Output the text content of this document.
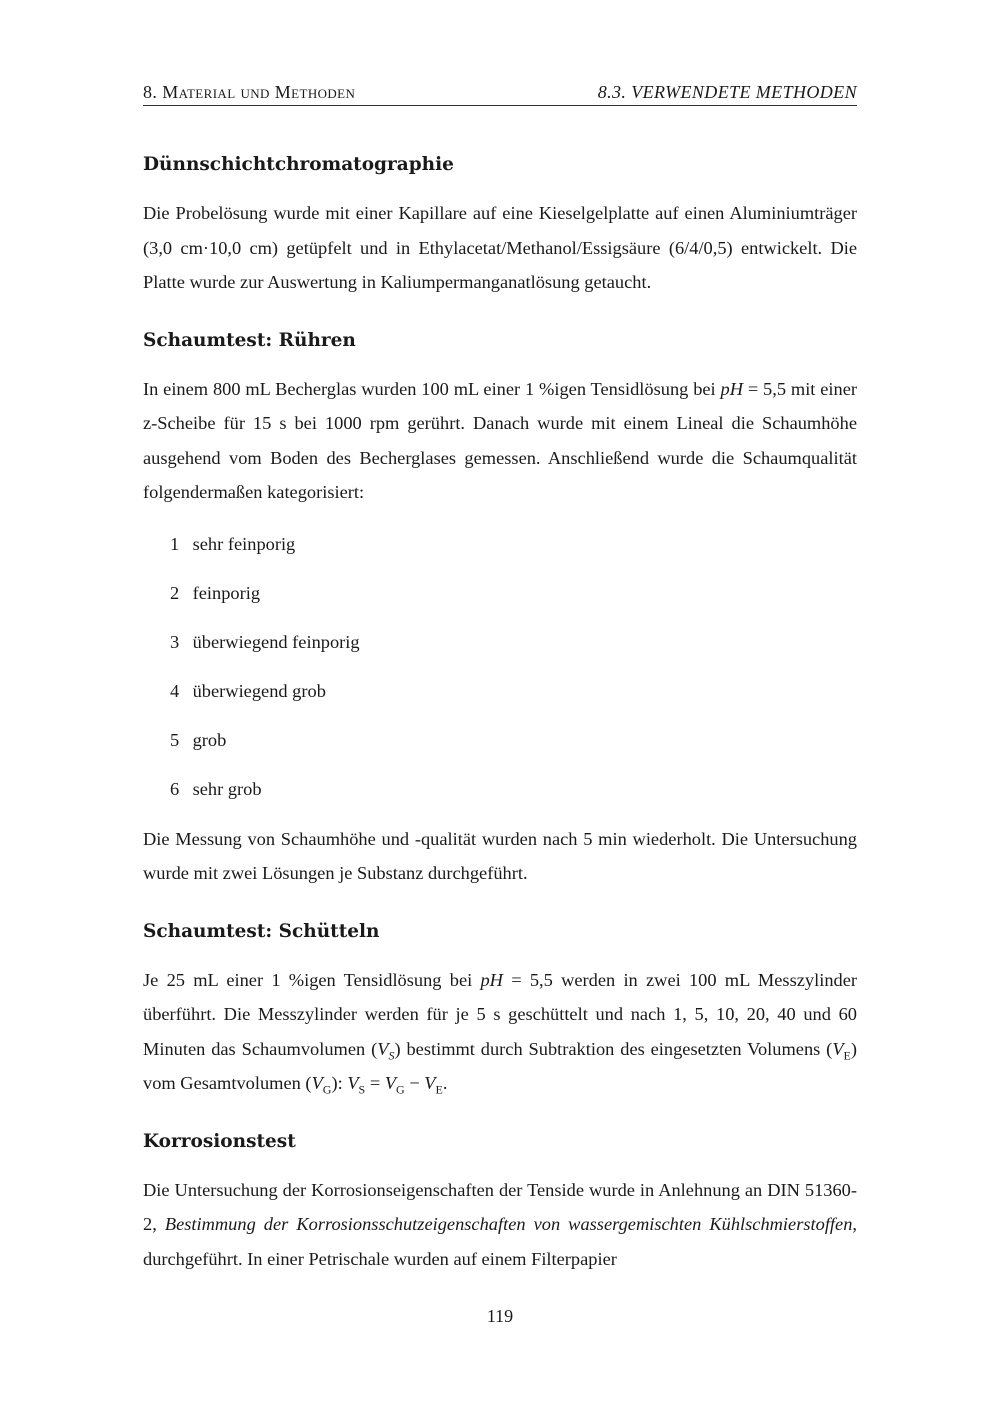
8. Material und Methoden	8.3. VERWENDETE METHODEN
Dünnschichtchromatographie

Die Probelösung wurde mit einer Kapillare auf eine Kieselgelplatte auf einen Aluminiumträger (3,0 cm·10,0 cm) getüpfelt und in Ethylacetat/Methanol/Essigsäure (6/4/0,5) entwickelt. Die Platte wurde zur Auswertung in Kaliumpermanganatlösung getaucht.

Schaumtest: Rühren

In einem 800 mL Becherglas wurden 100 mL einer 1 %igen Tensidlösung bei pH = 5,5 mit einer z-Scheibe für 15 s bei 1000 rpm gerührt. Danach wurde mit einem Lineal die Schaumhöhe ausgehend vom Boden des Becherglases gemessen. Anschließend wurde die Schaumqualität folgendermaßen kategorisiert:

1 sehr feinporig
2 feinporig
3 überwiegend feinporig
4 überwiegend grob
5 grob
6 sehr grob

Die Messung von Schaumhöhe und -qualität wurden nach 5 min wiederholt. Die Untersuchung wurde mit zwei Lösungen je Substanz durchgeführt.

Schaumtest: Schütteln

Je 25 mL einer 1 %igen Tensidlösung bei pH = 5,5 werden in zwei 100 mL Messzylinder überführt. Die Messzylinder werden für je 5 s geschüttelt und nach 1, 5, 10, 20, 40 und 60 Minuten das Schaumvolumen $(V_S)$ bestimmt durch Subtraktion des eingesetzten Volumens $(V_E)$ vom Gesamtvolumen $(V_G)$: $V_S = V_G - V_E$.

Korrosionstest

Die Untersuchung der Korrosionseigenschaften der Tenside wurde in Anlehnung an DIN 51360-2, Bestimmung der Korrosionsschutzeigenschaften von wassergemischten Kühlschmierstoffen, durchgeführt. In einer Petrischale wurden auf einem Filterpapier

119
